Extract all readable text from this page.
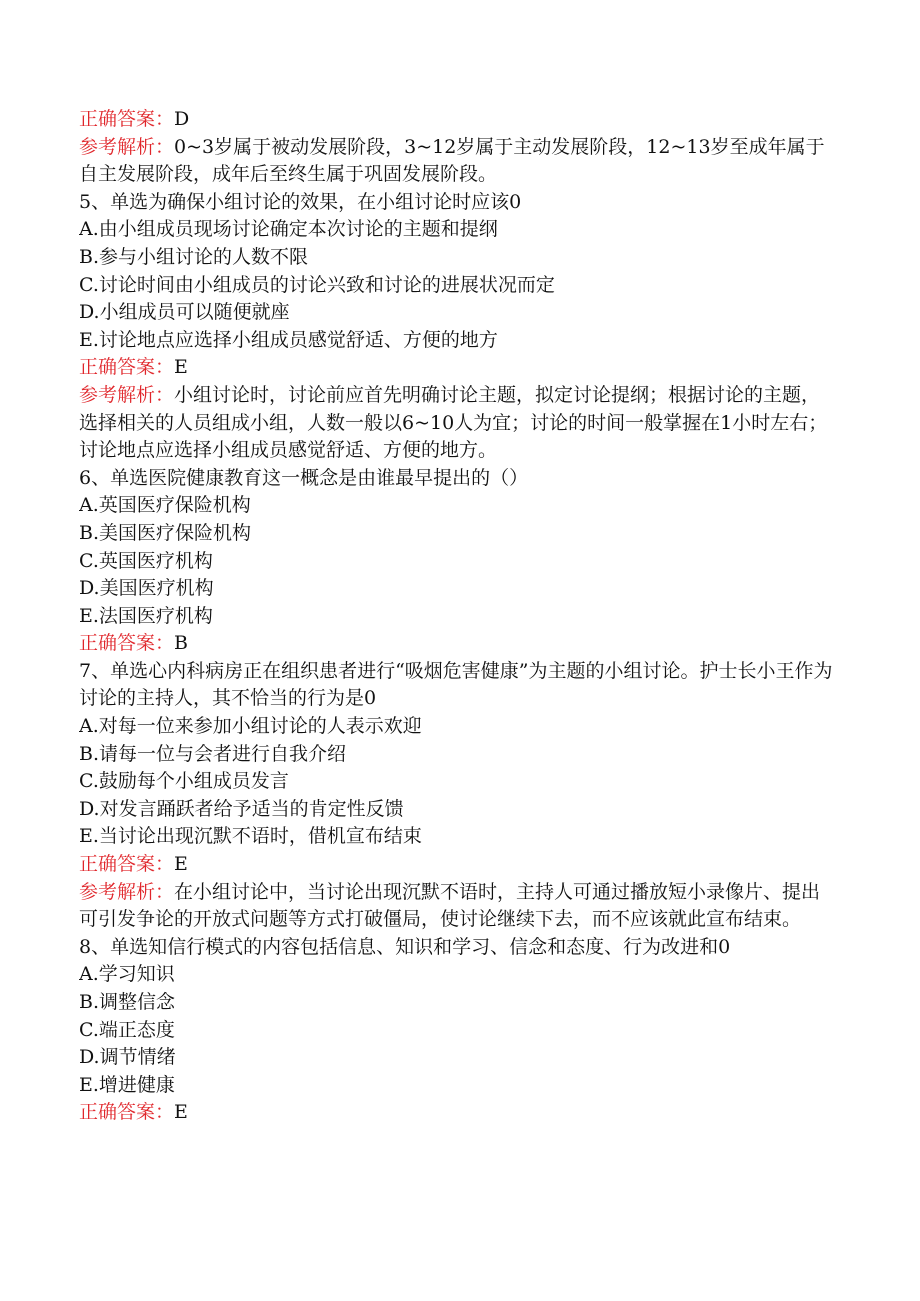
正确答案：D
参考解析：0~3岁属于被动发展阶段，3~12岁属于主动发展阶段，12~13岁至成年属于自主发展阶段，成年后至终生属于巩固发展阶段。
5、单选为确保小组讨论的效果，在小组讨论时应该0
A.由小组成员现场讨论确定本次讨论的主题和提纲
B.参与小组讨论的人数不限
C.讨论时间由小组成员的讨论兴致和讨论的进展状况而定
D.小组成员可以随便就座
E.讨论地点应选择小组成员感觉舒适、方便的地方
正确答案：E
参考解析：小组讨论时，讨论前应首先明确讨论主题，拟定讨论提纲；根据讨论的主题，选择相关的人员组成小组，人数一般以6~10人为宜；讨论的时间一般掌握在1小时左右；讨论地点应选择小组成员感觉舒适、方便的地方。
6、单选医院健康教育这一概念是由谁最早提出的（）
A.英国医疗保险机构
B.美国医疗保险机构
C.英国医疗机构
D.美国医疗机构
E.法国医疗机构
正确答案：B
7、单选心内科病房正在组织患者进行“吸烟危害健康”为主题的小组讨论。护士长小王作为讨论的主持人，其不恰当的行为是0
A.对每一位来参加小组讨论的人表示欢迎
B.请每一位与会者进行自我介绍
C.鼓励每个小组成员发言
D.对发言踊跃者给予适当的肯定性反馈
E.当讨论出现沉默不语时，借机宣布结束
正确答案：E
参考解析：在小组讨论中，当讨论出现沉默不语时，主持人可通过播放短小录像片、提出可引发争论的开放式问题等方式打破僵局，使讨论继续下去，而不应该就此宣布结束。
8、单选知信行模式的内容包括信息、知识和学习、信念和态度、行为改进和0
A.学习知识
B.调整信念
C.端正态度
D.调节情绪
E.增进健康
正确答案：E
